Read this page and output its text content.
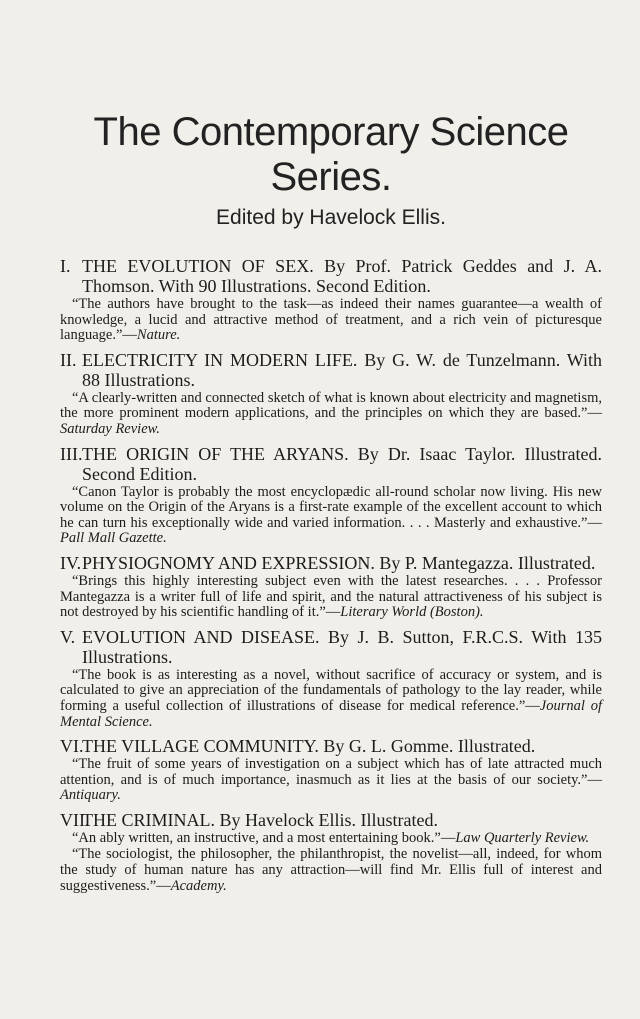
The Contemporary Science Series.
Edited by Havelock Ellis.
I. THE EVOLUTION OF SEX. By Prof. Patrick Geddes and J. A. Thomson. With 90 Illustrations. Second Edition.
“The authors have brought to the task—as indeed their names guarantee—a wealth of knowledge, a lucid and attractive method of treatment, and a rich vein of picturesque language.”—Nature.
II. ELECTRICITY IN MODERN LIFE. By G. W. de Tunzelmann. With 88 Illustrations.
“A clearly-written and connected sketch of what is known about electricity and magnetism, the more prominent modern applications, and the principles on which they are based.”—Saturday Review.
III.THE ORIGIN OF THE ARYANS. By Dr. Isaac Taylor. Illustrated. Second Edition.
“Canon Taylor is probably the most encyclopædic all-round scholar now living. His new volume on the Origin of the Aryans is a first-rate example of the excellent account to which he can turn his exceptionally wide and varied information. . . . Masterly and exhaustive.”—Pall Mall Gazette.
IV.PHYSIOGNOMY AND EXPRESSION. By P. Mantegazza. Illustrated.
“Brings this highly interesting subject even with the latest researches. . . . Professor Mantegazza is a writer full of life and spirit, and the natural attractiveness of his subject is not destroyed by his scientific handling of it.”—Literary World (Boston).
V. EVOLUTION AND DISEASE. By J. B. Sutton, F.R.C.S. With 135 Illustrations.
“The book is as interesting as a novel, without sacrifice of accuracy or system, and is calculated to give an appreciation of the fundamentals of pathology to the lay reader, while forming a useful collection of illustrations of disease for medical reference.”—Journal of Mental Science.
VI.THE VILLAGE COMMUNITY. By G. L. Gomme. Illustrated.
“The fruit of some years of investigation on a subject which has of late attracted much attention, and is of much importance, inasmuch as it lies at the basis of our society.”—Antiquary.
VII.THE CRIMINAL. By Havelock Ellis. Illustrated.
“An ably written, an instructive, and a most entertaining book.”—Law Quarterly Review.
“The sociologist, the philosopher, the philanthropist, the novelist—all, indeed, for whom the study of human nature has any attraction—will find Mr. Ellis full of interest and suggestiveness.”—Academy.
